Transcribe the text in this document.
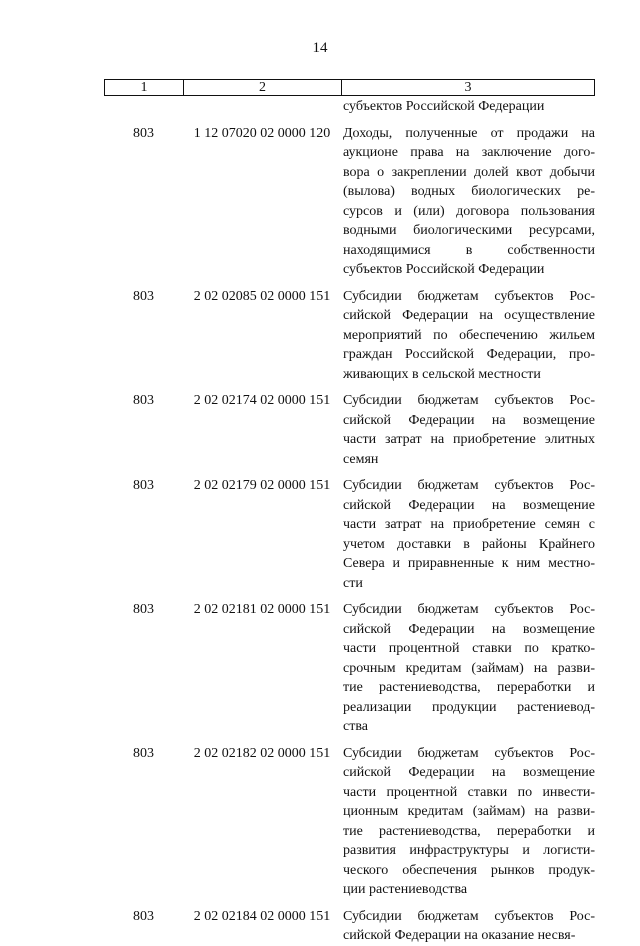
14
1	2	3
субъектов Российской Федерации
803	1 12 07020 02 0000 120 Доходы, полученные от продажи на
аукционе права на заключение дого-
вора о закреплении долей квот добычи
(вылова) водных биологических ре-
сурсов и (или) договора пользования
водными биологическими ресурсами,
находящимися в собственности
субъектов Российской Федерации
803	2 02 02085 02 0000 151 Субсидии бюджетам субъектов Рос-
сийской Федерации на осуществление
мероприятий по обеспечению жильем
граждан Российской Федерации, про-
живающих в сельской местности
803	2 02 02174 02 0000 151 Субсидии бюджетам субъектов Рос-
сийской Федерации на возмещение
части затрат на приобретение элитных
семян
803	2 02 02179 02 0000 151 Субсидии бюджетам субъектов Рос-
сийской Федерации на возмещение
части затрат на приобретение семян с
учетом доставки в районы Крайнего
Севера и приравненные к ним местно-
сти
803	2 02 02181 02 0000 151 Субсидии бюджетам субъектов Рос-
сийской Федерации на возмещение
части процентной ставки по кратко-
срочным кредитам (займам) на разви-
тие растениеводства, переработки и
реализации продукции растениевод-
ства
803	2 02 02182 02 0000 151 Субсидии бюджетам субъектов Рос-
сийской Федерации на возмещение
части процентной ставки по инвести-
ционным кредитам (займам) на разви-
тие растениеводства, переработки и
развития инфраструктуры и логисти-
ческого обеспечения рынков продук-
ции растениеводства
803	2 02 02184 02 0000 151 Субсидии бюджетам субъектов Рос-
сийской Федерации на оказание несвя-
